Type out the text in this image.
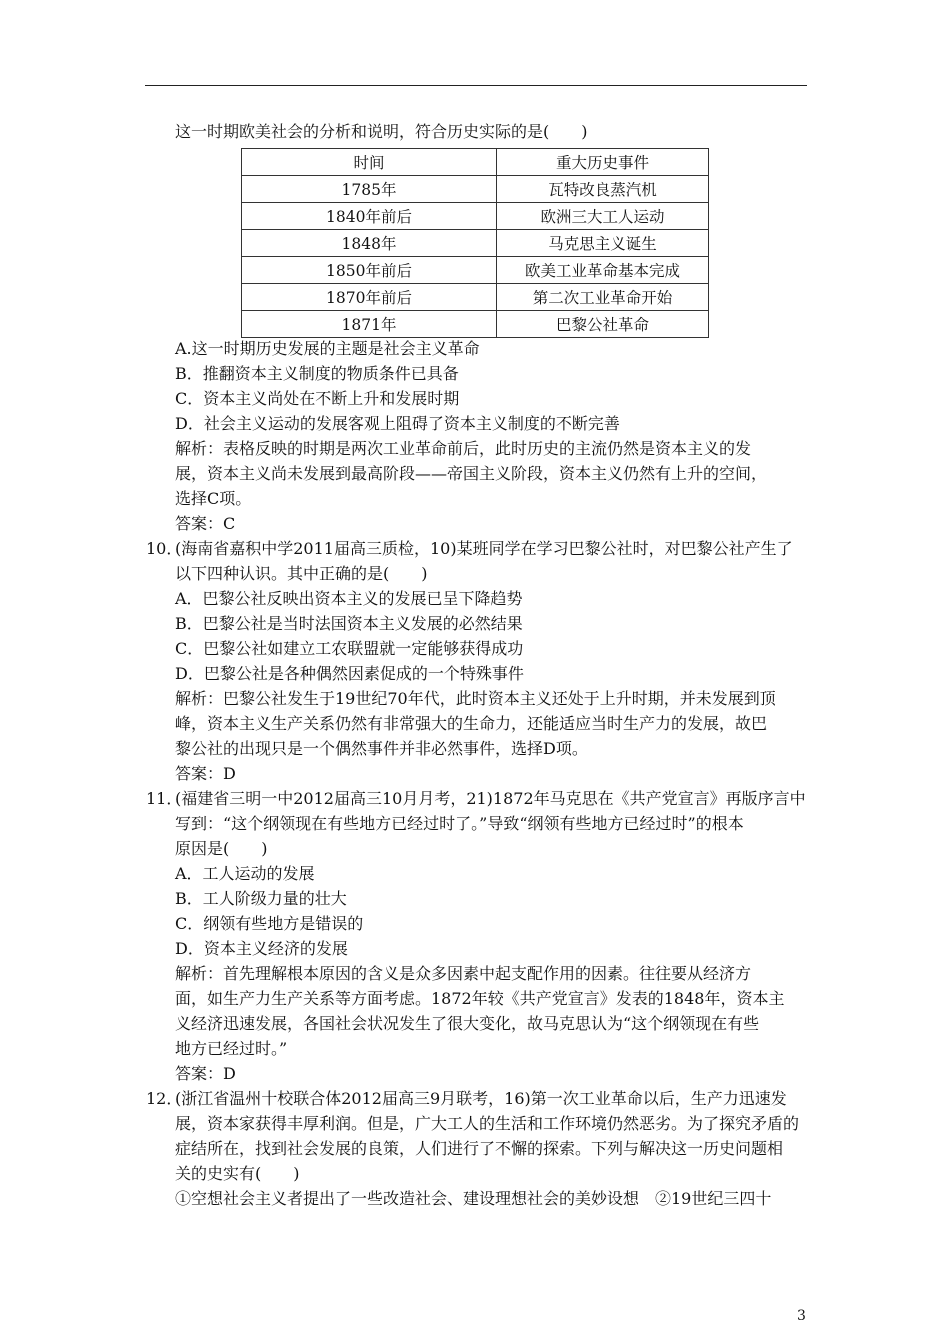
这一时期欧美社会的分析和说明，符合历史实际的是(　　)
时间	重大历史事件
1785年	瓦特改良蒸汽机
1840年前后	欧洲三大工人运动
1848年	马克思主义诞生
1850年前后	欧美工业革命基本完成
1870年前后	第二次工业革命开始
1871年	巴黎公社革命
A.这一时期历史发展的主题是社会主义革命
B．推翻资本主义制度的物质条件已具备
C．资本主义尚处在不断上升和发展时期
D．社会主义运动的发展客观上阻碍了资本主义制度的不断完善
解析：表格反映的时期是两次工业革命前后，此时历史的主流仍然是资本主义的发
展，资本主义尚未发展到最高阶段——帝国主义阶段，资本主义仍然有上升的空间，
选择C项。
答案：C
10．
(海南省嘉积中学2011届高三质检，10)某班同学在学习巴黎公社时，对巴黎公社产生了
以下四种认识。其中正确的是(　　)
A．巴黎公社反映出资本主义的发展已呈下降趋势
B．巴黎公社是当时法国资本主义发展的必然结果
C．巴黎公社如建立工农联盟就一定能够获得成功
D．巴黎公社是各种偶然因素促成的一个特殊事件
解析：巴黎公社发生于19世纪70年代，此时资本主义还处于上升时期，并未发展到顶
峰，资本主义生产关系仍然有非常强大的生命力，还能适应当时生产力的发展，故巴
黎公社的出现只是一个偶然事件并非必然事件，选择D项。
答案：D
11．
(福建省三明一中2012届高三10月月考，21)1872年马克思在《共产党宣言》再版序言中
写到：“这个纲领现在有些地方已经过时了。”导致“纲领有些地方已经过时”的根本
原因是(　　)
A．工人运动的发展
B．工人阶级力量的壮大
C．纲领有些地方是错误的
D．资本主义经济的发展
解析：首先理解根本原因的含义是众多因素中起支配作用的因素。往往要从经济方
面，如生产力生产关系等方面考虑。1872年较《共产党宣言》发表的1848年，资本主
义经济迅速发展，各国社会状况发生了很大变化，故马克思认为“这个纲领现在有些
地方已经过时。”
答案：D
12．
(浙江省温州十校联合体2012届高三9月联考，16)第一次工业革命以后，生产力迅速发
展，资本家获得丰厚利润。但是，广大工人的生活和工作环境仍然恶劣。为了探究矛盾的
症结所在，找到社会发展的良策，人们进行了不懈的探索。下列与解决这一历史问题相
关的史实有(　　)
①空想社会主义者提出了一些改造社会、建设理想社会的美妙设想　②19世纪三四十
3
